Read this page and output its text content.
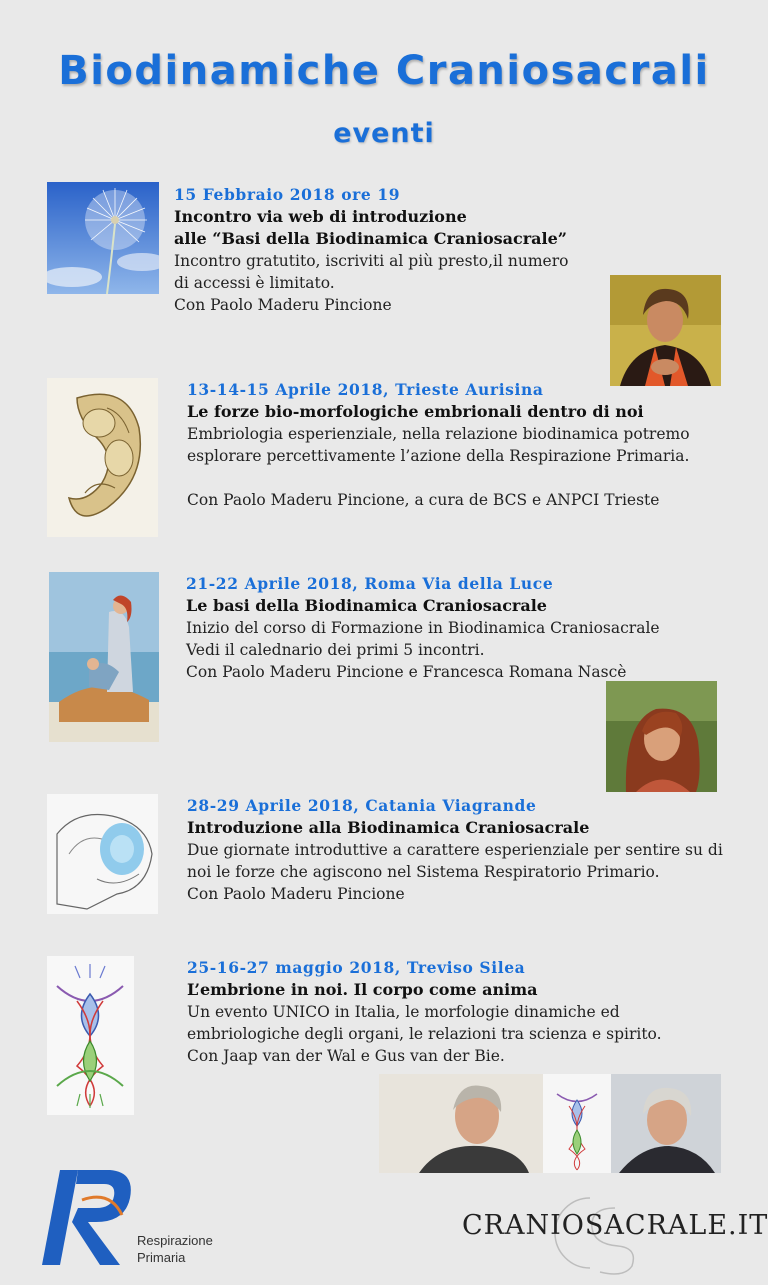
Biodinamiche Craniosacrali
eventi
15 Febbraio 2018 ore 19
Incontro via web di introduzione
alle “Basi della Biodinamica Craniosacrale”
Incontro gratutito, iscriviti al più presto,il numero
di accessi è limitato.
Con Paolo Maderu Pincione
13-14-15 Aprile 2018, Trieste Aurisina
Le forze bio-morfologiche embrionali dentro di noi
Embriologia esperienziale, nella relazione biodinamica potremo
esplorare percettivamente l’azione della Respirazione Primaria.
Con Paolo Maderu Pincione, a cura de BCS e ANPCI Trieste
21-22 Aprile 2018, Roma Via della Luce
Le basi della Biodinamica Craniosacrale
Inizio del corso di Formazione in Biodinamica Craniosacrale
Vedi il calednario dei primi 5 incontri.
Con Paolo Maderu Pincione e Francesca Romana Nascè
28-29 Aprile 2018, Catania Viagrande
Introduzione alla Biodinamica Craniosacrale
Due giornate introduttive a carattere esperienziale per sentire su di
noi le forze che agiscono nel Sistema Respiratorio Primario.
Con Paolo Maderu Pincione
25-16-27 maggio 2018, Treviso Silea
L’embrione in noi. Il corpo come anima
Un evento UNICO in Italia, le morfologie dinamiche ed
embriologiche degli organi, le relazioni tra scienza e spirito.
Con Jaap van der Wal e Gus van der Bie.
Respirazione
Primaria
CRANIOSACRALE.IT
